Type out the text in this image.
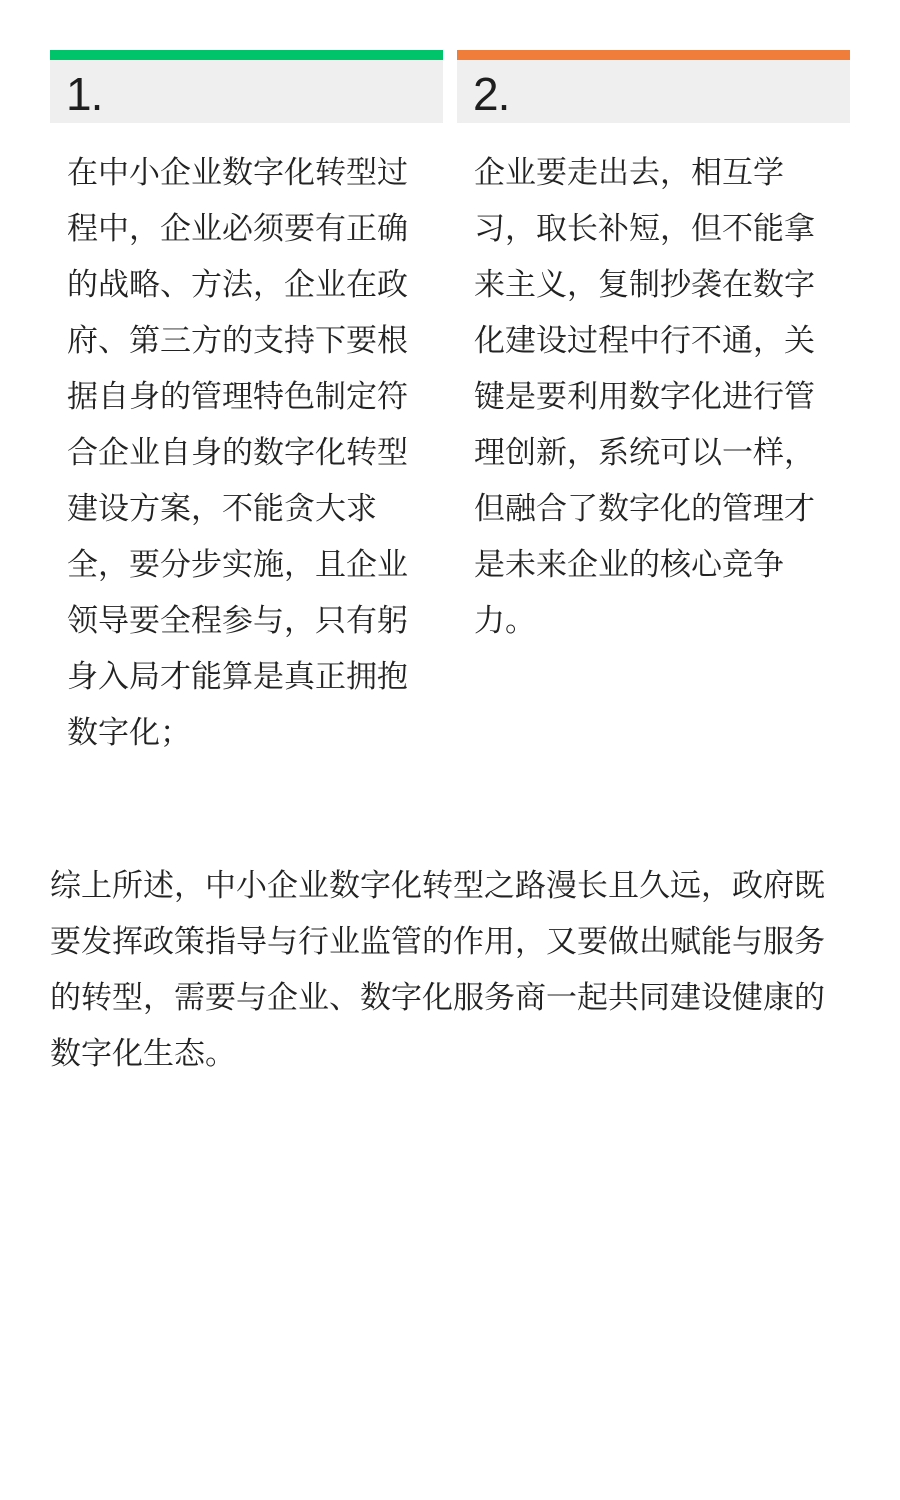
1.
在中小企业数字化转型过程中，企业必须要有正确的战略、方法，企业在政府、第三方的支持下要根据自身的管理特色制定符合企业自身的数字化转型建设方案，不能贪大求全，要分步实施，且企业领导要全程参与，只有躬身入局才能算是真正拥抱数字化；
2.
企业要走出去，相互学习，取长补短，但不能拿来主义，复制抄袭在数字化建设过程中行不通，关键是要利用数字化进行管理创新，系统可以一样，但融合了数字化的管理才是未来企业的核心竞争力。

综上所述，中小企业数字化转型之路漫长且久远，政府既要发挥政策指导与行业监管的作用，又要做出赋能与服务的转型，需要与企业、数字化服务商一起共同建设健康的数字化生态。
